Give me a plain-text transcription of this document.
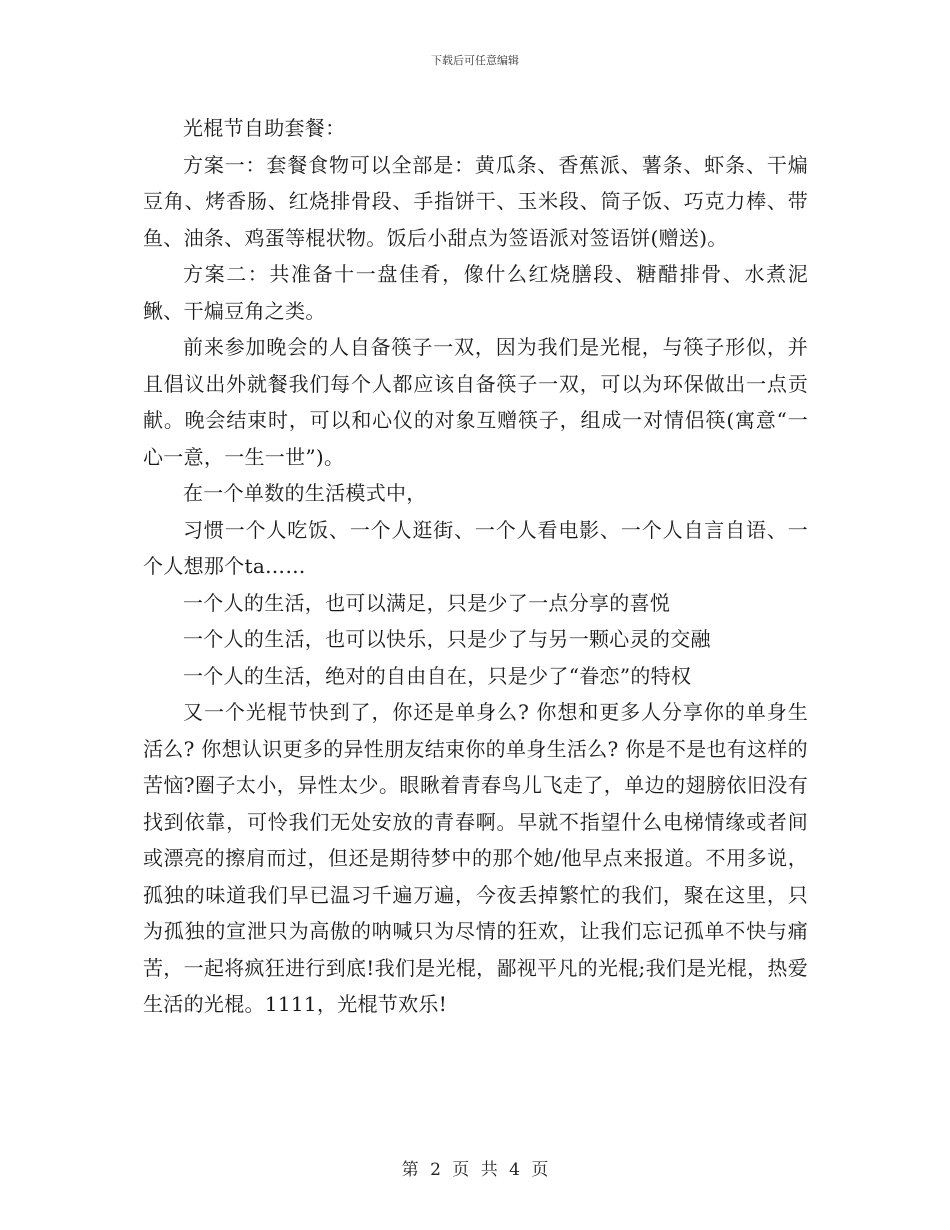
下载后可任意编辑

光棍节自助套餐：

方案一：套餐食物可以全部是：黄瓜条、香蕉派、薯条、虾条、干煸豆角、烤香肠、红烧排骨段、手指饼干、玉米段、筒子饭、巧克力棒、带鱼、油条、鸡蛋等棍状物。饭后小甜点为签语派对签语饼(赠送)。

方案二：共准备十一盘佳肴，像什么红烧膳段、糖醋排骨、水煮泥鳅、干煸豆角之类。

前来参加晚会的人自备筷子一双，因为我们是光棍，与筷子形似，并且倡议出外就餐我们每个人都应该自备筷子一双，可以为环保做出一点贡献。晚会结束时，可以和心仪的对象互赠筷子，组成一对情侣筷(寓意“一心一意，一生一世”)。

在一个单数的生活模式中，

习惯一个人吃饭、一个人逛街、一个人看电影、一个人自言自语、一个人想那个ta……

一个人的生活，也可以满足，只是少了一点分享的喜悦

一个人的生活，也可以快乐，只是少了与另一颗心灵的交融

一个人的生活，绝对的自由自在，只是少了“眷恋”的特权

又一个光棍节快到了，你还是单身么? 你想和更多人分享你的单身生活么? 你想认识更多的异性朋友结束你的单身生活么? 你是不是也有这样的苦恼?圈子太小，异性太少。眼瞅着青春鸟儿飞走了，单边的翅膀依旧没有找到依靠，可怜我们无处安放的青春啊。早就不指望什么电梯情缘或者间或漂亮的擦肩而过，但还是期待梦中的那个她/他早点来报道。不用多说，孤独的味道我们早已温习千遍万遍，今夜丢掉繁忙的我们，聚在这里，只为孤独的宣泄只为高傲的呐喊只为尽情的狂欢，让我们忘记孤单不快与痛苦，一起将疯狂进行到底!我们是光棍，鄙视平凡的光棍;我们是光棍，热爱生活的光棍。1111，光棍节欢乐!

第 2 页 共 4 页
